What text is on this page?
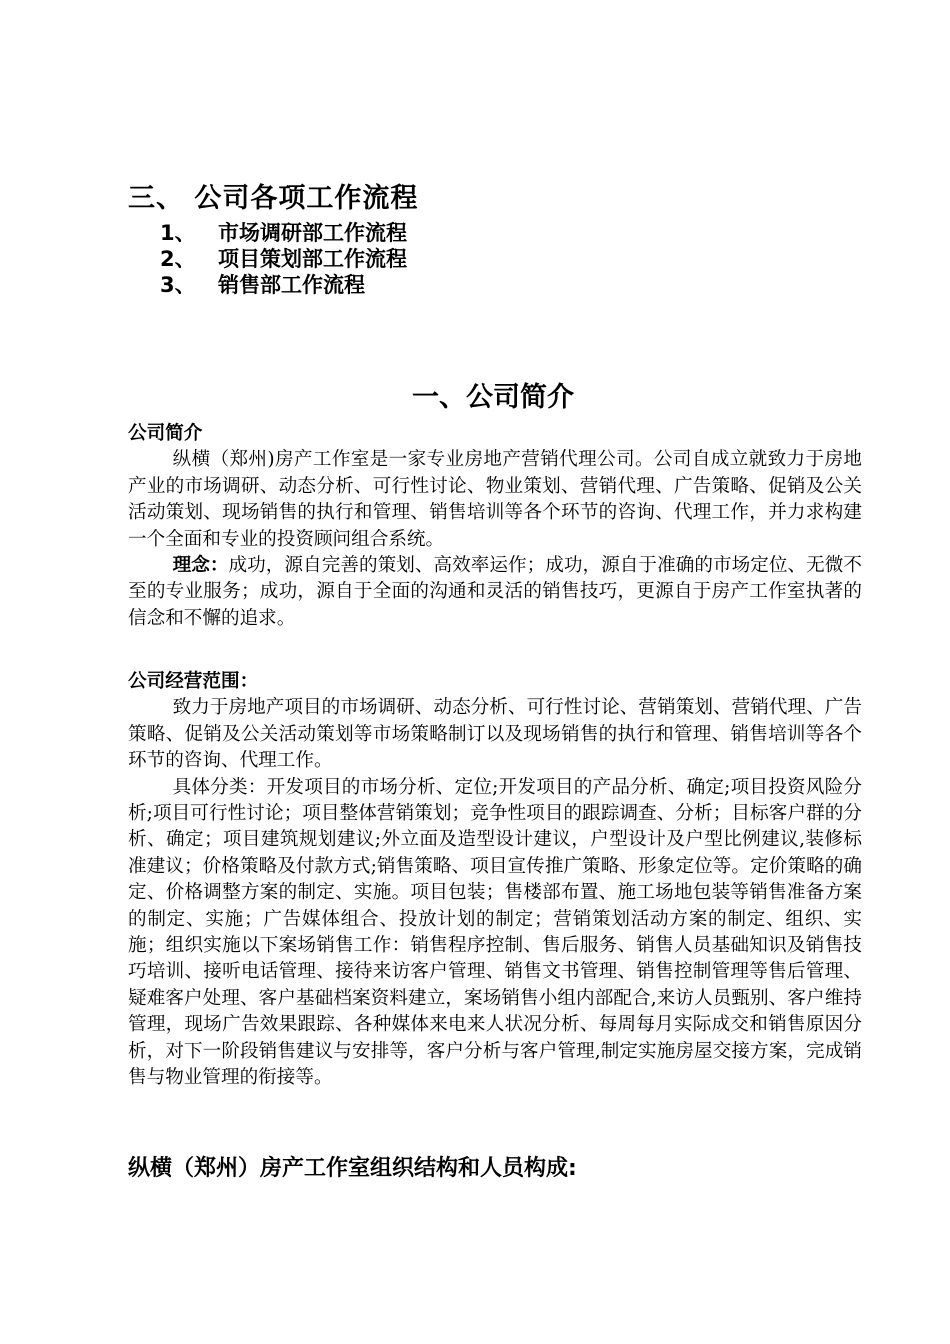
三、 公司各项工作流程
1、	市场调研部工作流程
2、	项目策划部工作流程
3、	销售部工作流程
一、公司简介
公司简介

纵横（郑州)房产工作室是一家专业房地产营销代理公司。公司自成立就致力于房地产业的市场调研、动态分析、可行性讨论、物业策划、营销代理、广告策略、促销及公关活动策划、现场销售的执行和管理、销售培训等各个环节的咨询、代理工作，并力求构建一个全面和专业的投资顾问组合系统。

理念：成功，源自完善的策划、高效率运作；成功，源自于准确的市场定位、无微不至的专业服务；成功，源自于全面的沟通和灵活的销售技巧，更源自于房产工作室执著的信念和不懈的追求。

公司经营范围：

致力于房地产项目的市场调研、动态分析、可行性讨论、营销策划、营销代理、广告策略、促销及公关活动策划等市场策略制订以及现场销售的执行和管理、销售培训等各个环节的咨询、代理工作。

具体分类：开发项目的市场分析、定位;开发项目的产品分析、确定;项目投资风险分析;项目可行性讨论；项目整体营销策划；竞争性项目的跟踪调查、分析；目标客户群的分析、确定；项目建筑规划建议;外立面及造型设计建议，户型设计及户型比例建议,装修标准建议；价格策略及付款方式;销售策略、项目宣传推广策略、形象定位等。定价策略的确定、价格调整方案的制定、实施。项目包装；售楼部布置、施工场地包装等销售准备方案的制定、实施；广告媒体组合、投放计划的制定；营销策划活动方案的制定、组织、实施；组织实施以下案场销售工作：销售程序控制、售后服务、销售人员基础知识及销售技巧培训、接听电话管理、接待来访客户管理、销售文书管理、销售控制管理等售后管理、疑难客户处理、客户基础档案资料建立，案场销售小组内部配合,来访人员甄别、客户维持管理，现场广告效果跟踪、各种媒体来电来人状况分析、每周每月实际成交和销售原因分析，对下一阶段销售建议与安排等，客户分析与客户管理,制定实施房屋交接方案，完成销售与物业管理的衔接等。

纵横（郑州）房产工作室组织结构和人员构成:
